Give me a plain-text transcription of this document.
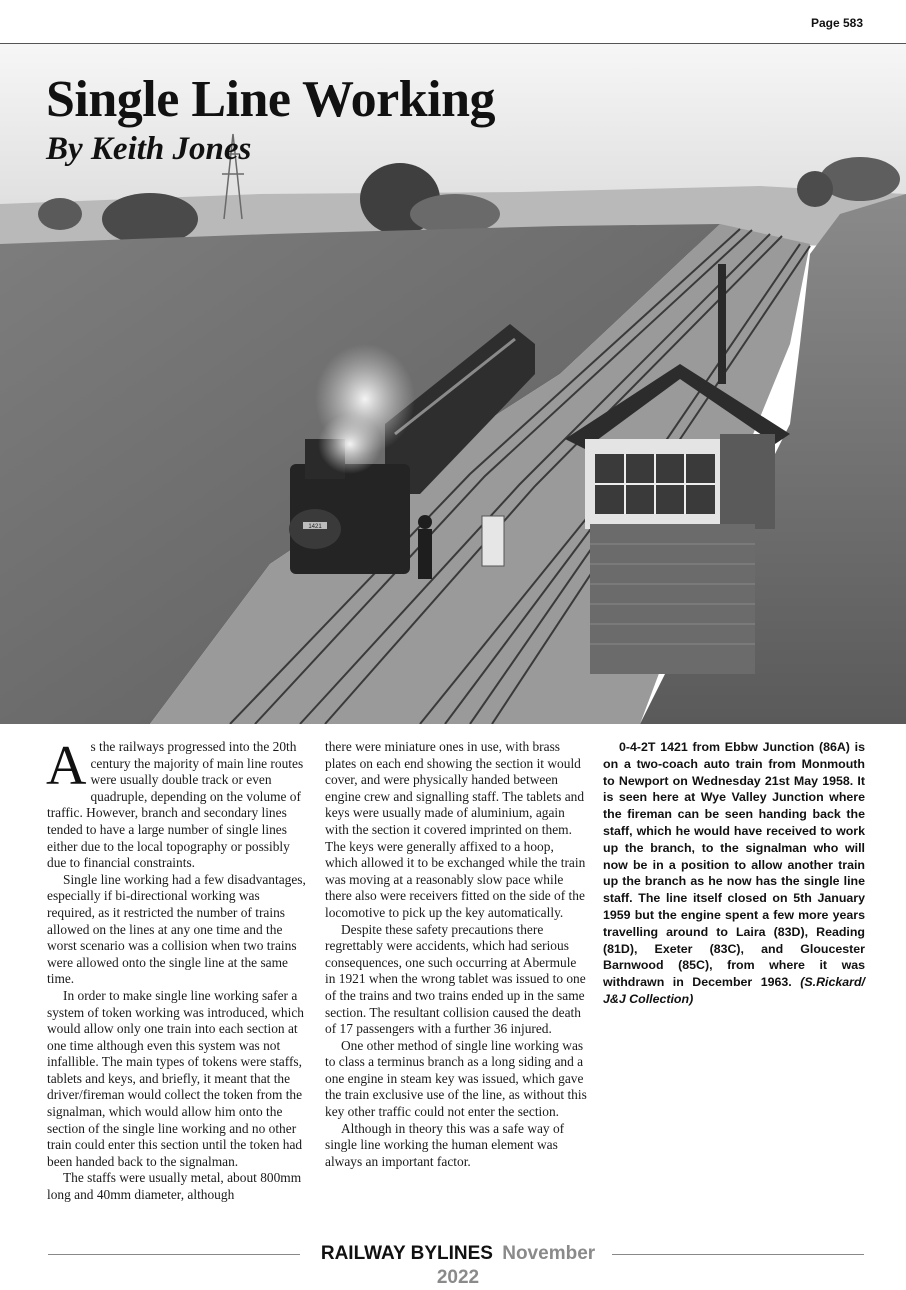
Page 583
1421
Single Line Working
By Keith Jones

As the railways progressed into the 20th century the majority of main line routes were usually double track or even quadruple, depending on the volume of traffic. However, branch and secondary lines tended to have a large number of single lines either due to the local topography or possibly due to financial constraints.

Single line working had a few disadvantages, especially if bi-directional working was required, as it restricted the number of trains allowed on the lines at any one time and the worst scenario was a collision when two trains were allowed onto the single line at the same time.

In order to make single line working safer a system of token working was introduced, which would allow only one train into each section at one time although even this system was not infallible. The main types of tokens were staffs, tablets and keys, and briefly, it meant that the driver/fireman would collect the token from the signalman, which would allow him onto the section of the single line working and no other train could enter this section until the token had been handed back to the signalman.

The staffs were usually metal, about 800mm long and 40mm diameter, although

there were miniature ones in use, with brass plates on each end showing the section it would cover, and were physically handed between engine crew and signalling staff. The tablets and keys were usually made of aluminium, again with the section it covered imprinted on them. The keys were generally affixed to a hoop, which allowed it to be exchanged while the train was moving at a reasonably slow pace while there also were receivers fitted on the side of the locomotive to pick up the key automatically.

Despite these safety precautions there regrettably were accidents, which had serious consequences, one such occurring at Abermule in 1921 when the wrong tablet was issued to one of the trains and two trains ended up in the same section. The resultant collision caused the death of 17 passengers with a further 36 injured.

One other method of single line working was to class a terminus branch as a long siding and a one engine in steam key was issued, which gave the train exclusive use of the line, as without this key other traffic could not enter the section.

Although in theory this was a safe way of single line working the human element was always an important factor.

0-4-2T 1421 from Ebbw Junction (86A) is on a two-coach auto train from Monmouth to Newport on Wednesday 21st May 1958. It is seen here at Wye Valley Junction where the fireman can be seen handing back the staff, which he would have received to work up the branch, to the signalman who will now be in a position to allow another train up the branch as he now has the single line staff. The line itself closed on 5th January 1959 but the engine spent a few more years travelling around to Laira (83D), Reading (81D), Exeter (83C), and Gloucester Barnwood (85C), from where it was withdrawn in December 1963. (S.Rickard/ J&J Collection)

RAILWAY BYLINES November 2022
